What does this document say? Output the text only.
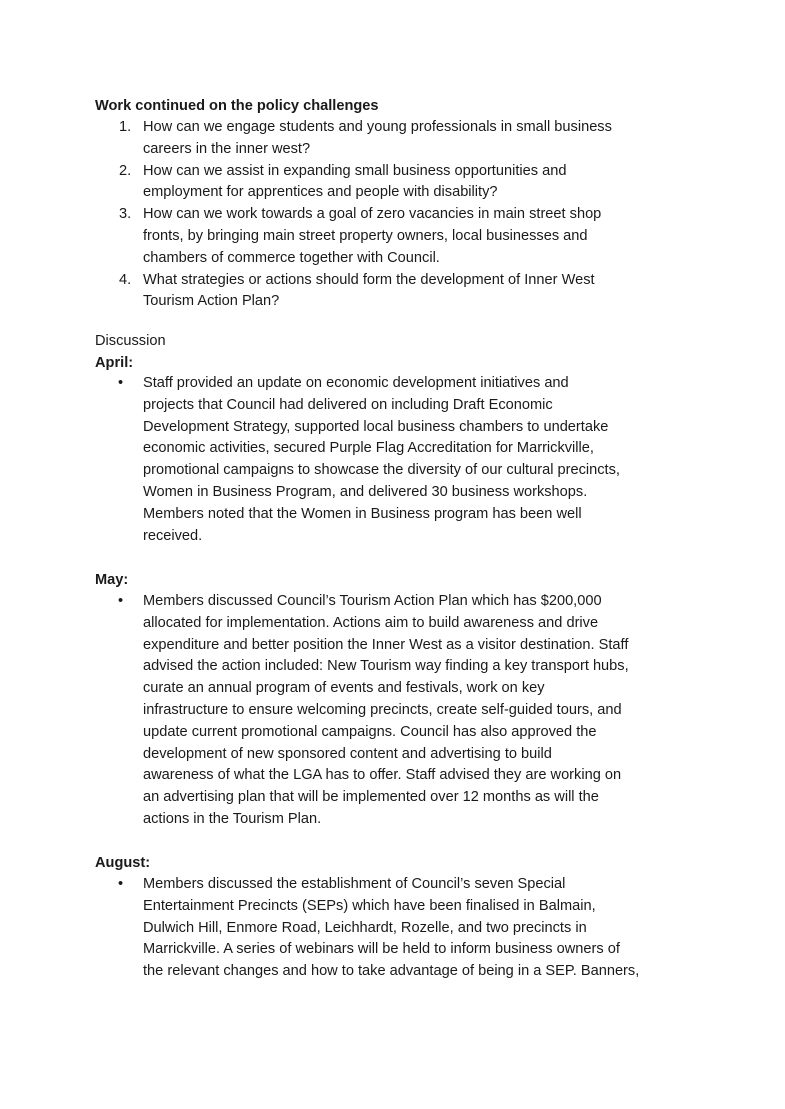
Work continued on the policy challenges
1. How can we engage students and young professionals in small business
careers in the inner west?
2. How can we assist in expanding small business opportunities and
employment for apprentices and people with disability?
3. How can we work towards a goal of zero vacancies in main street shop
fronts, by bringing main street property owners, local businesses and
chambers of commerce together with Council.
4. What strategies or actions should form the development of Inner West
Tourism Action Plan?
Discussion
April:
• Staff provided an update on economic development initiatives and
projects that Council had delivered on including Draft Economic
Development Strategy, supported local business chambers to undertake
economic activities, secured Purple Flag Accreditation for Marrickville,
promotional campaigns to showcase the diversity of our cultural precincts,
Women in Business Program, and delivered 30 business workshops.
Members noted that the Women in Business program has been well
received.
May:
• Members discussed Council’s Tourism Action Plan which has $200,000
allocated for implementation. Actions aim to build awareness and drive
expenditure and better position the Inner West as a visitor destination. Staff
advised the action included: New Tourism way finding a key transport hubs,
curate an annual program of events and festivals, work on key
infrastructure to ensure welcoming precincts, create self-guided tours, and
update current promotional campaigns. Council has also approved the
development of new sponsored content and advertising to build
awareness of what the LGA has to offer. Staff advised they are working on
an advertising plan that will be implemented over 12 months as will the
actions in the Tourism Plan.
August:
• Members discussed the establishment of Council’s seven Special
Entertainment Precincts (SEPs) which have been finalised in Balmain,
Dulwich Hill, Enmore Road, Leichhardt, Rozelle, and two precincts in
Marrickville. A series of webinars will be held to inform business owners of
the relevant changes and how to take advantage of being in a SEP. Banners,
